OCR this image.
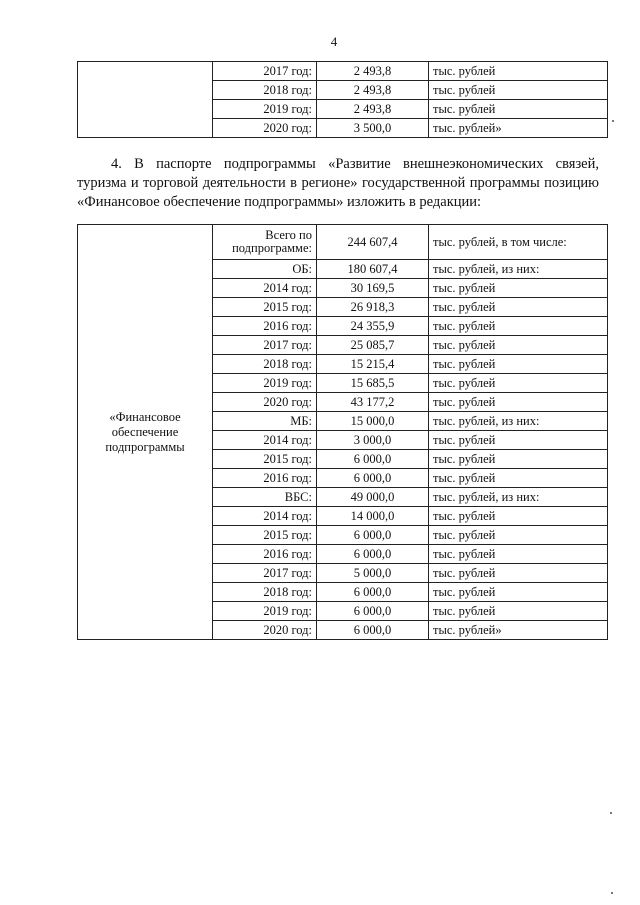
4
	2017 год:	2 493,8	тыс. рублей
	2018 год:	2 493,8	тыс. рублей
	2019 год:	2 493,8	тыс. рублей
	2020 год:	3 500,0	тыс. рублей»

4. В паспорте подпрограммы «Развитие внешнеэкономических связей, туризма и торговой деятельности в регионе» государственной программы позицию «Финансовое обеспечение подпрограммы» изложить в редакции:

«Финансовое обеспечение подпрограммы	Всего по подпрограмме:	244 607,4	тыс. рублей, в том числе:
	ОБ:	180 607,4	тыс. рублей, из них:
	2014 год:	30 169,5	тыс. рублей
	2015 год:	26 918,3	тыс. рублей
	2016 год:	24 355,9	тыс. рублей
	2017 год:	25 085,7	тыс. рублей
	2018 год:	15 215,4	тыс. рублей
	2019 год:	15 685,5	тыс. рублей
	2020 год:	43 177,2	тыс. рублей
	МБ:	15 000,0	тыс. рублей, из них:
	2014 год:	3 000,0	тыс. рублей
	2015 год:	6 000,0	тыс. рублей
	2016 год:	6 000,0	тыс. рублей
	ВБС:	49 000,0	тыс. рублей, из них:
	2014 год:	14 000,0	тыс. рублей
	2015 год:	6 000,0	тыс. рублей
	2016 год:	6 000,0	тыс. рублей
	2017 год:	5 000,0	тыс. рублей
	2018 год:	6 000,0	тыс. рублей
	2019 год:	6 000,0	тыс. рублей
	2020 год:	6 000,0	тыс. рублей»
